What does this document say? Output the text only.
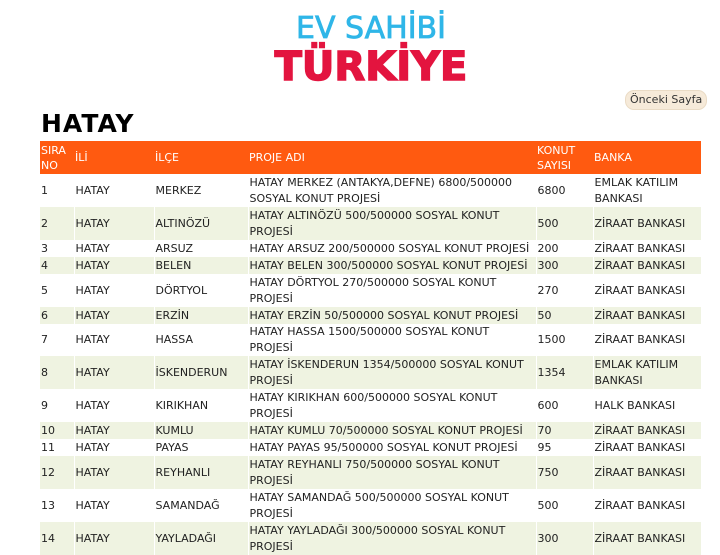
EV SAHİBİ
TÜRKİYE
Önceki Sayfa
HATAY
SIRA NO	İLİ	İLÇE	PROJE ADI	KONUT SAYISI	BANKA
1	HATAY	MERKEZ	HATAY MERKEZ (ANTAKYA,DEFNE) 6800/500000 SOSYAL KONUT PROJESİ	6800	EMLAK KATILIM BANKASI
2	HATAY	ALTINÖZÜ	HATAY ALTINÖZÜ 500/500000 SOSYAL KONUT PROJESİ	500	ZİRAAT BANKASI
3	HATAY	ARSUZ	HATAY ARSUZ 200/500000 SOSYAL KONUT PROJESİ	200	ZİRAAT BANKASI
4	HATAY	BELEN	HATAY BELEN 300/500000 SOSYAL KONUT PROJESİ	300	ZİRAAT BANKASI
5	HATAY	DÖRTYOL	HATAY DÖRTYOL 270/500000 SOSYAL KONUT PROJESİ	270	ZİRAAT BANKASI
6	HATAY	ERZİN	HATAY ERZİN 50/500000 SOSYAL KONUT PROJESİ	50	ZİRAAT BANKASI
7	HATAY	HASSA	HATAY HASSA 1500/500000 SOSYAL KONUT PROJESİ	1500	ZİRAAT BANKASI
8	HATAY	İSKENDERUN	HATAY İSKENDERUN 1354/500000 SOSYAL KONUT PROJESİ	1354	EMLAK KATILIM BANKASI
9	HATAY	KIRIKHAN	HATAY KIRIKHAN 600/500000 SOSYAL KONUT PROJESİ	600	HALK BANKASI
10	HATAY	KUMLU	HATAY KUMLU 70/500000 SOSYAL KONUT PROJESİ	70	ZİRAAT BANKASI
11	HATAY	PAYAS	HATAY PAYAS 95/500000 SOSYAL KONUT PROJESİ	95	ZİRAAT BANKASI
12	HATAY	REYHANLI	HATAY REYHANLI 750/500000 SOSYAL KONUT PROJESİ	750	ZİRAAT BANKASI
13	HATAY	SAMANDAĞ	HATAY SAMANDAĞ 500/500000 SOSYAL KONUT PROJESİ	500	ZİRAAT BANKASI
14	HATAY	YAYLADAĞI	HATAY YAYLADAĞI 300/500000 SOSYAL KONUT PROJESİ	300	ZİRAAT BANKASI
